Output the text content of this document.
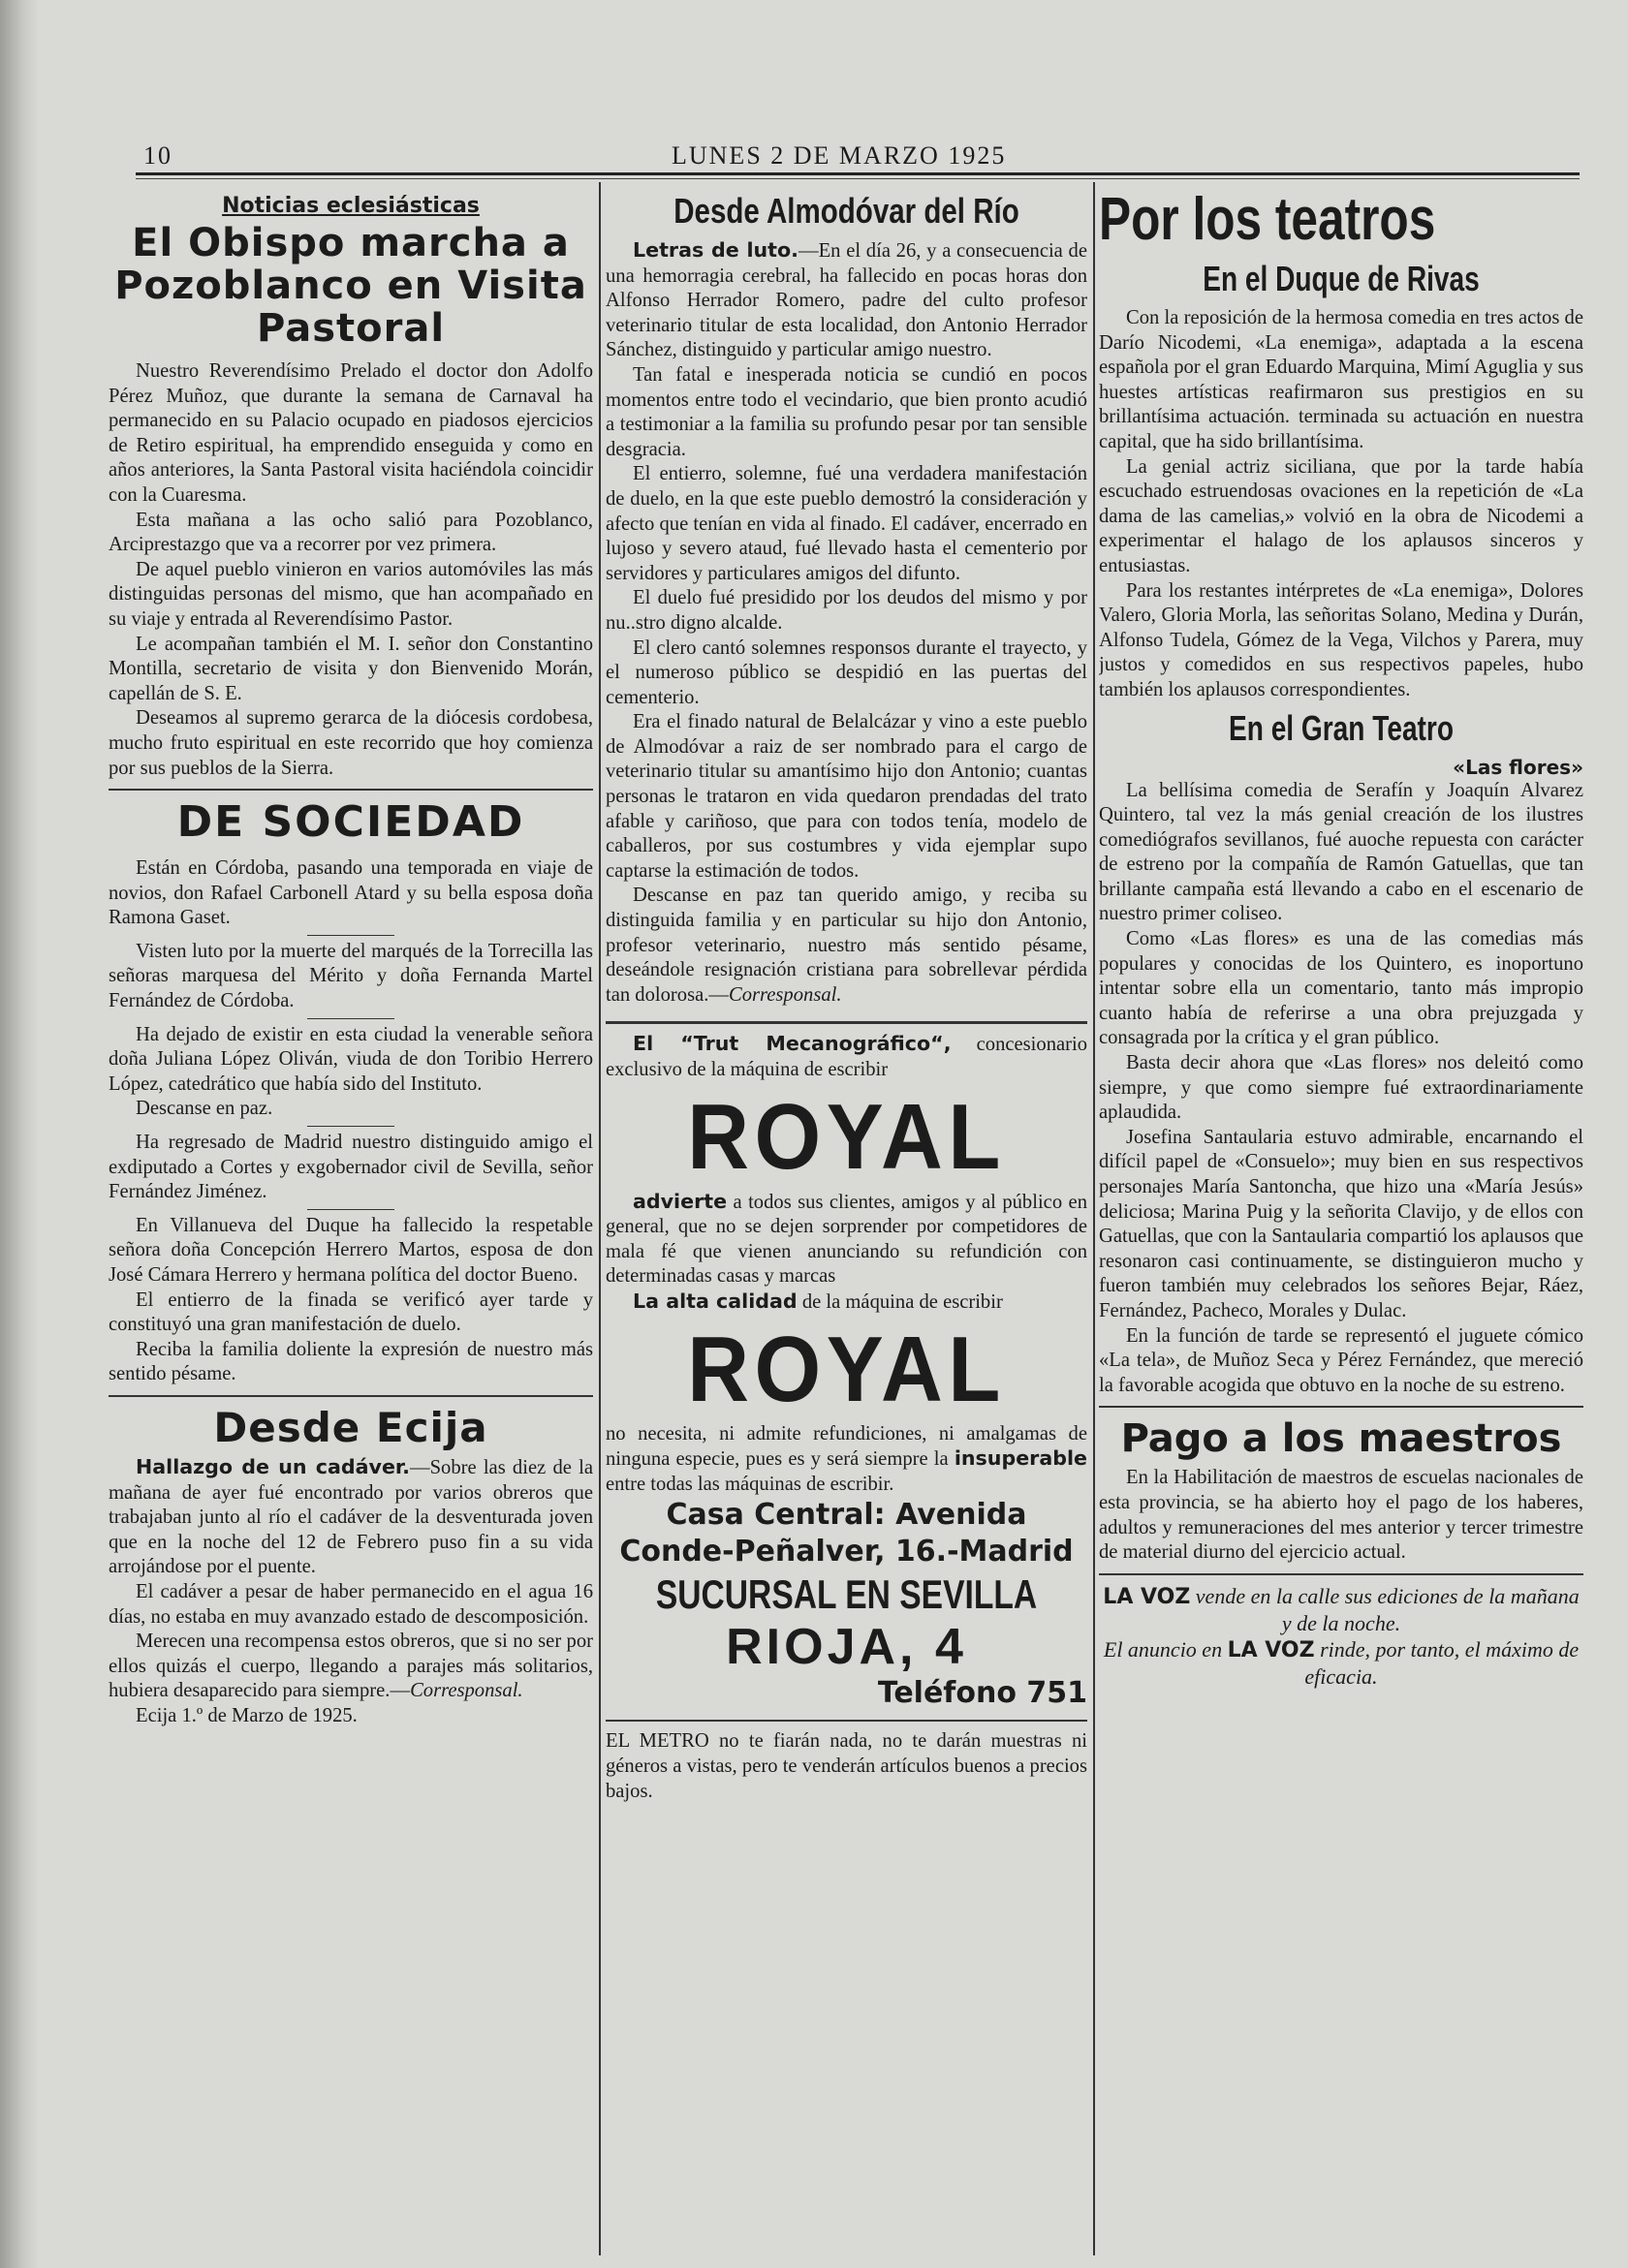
10	LUNES 2 DE MARZO 1925
Noticias eclesiásticas
El Obispo marcha a Pozoblanco en Visita Pastoral

Nuestro Reverendísimo Prelado el doctor don Adolfo Pérez Muñoz, que durante la semana de Carnaval ha permanecido en su Palacio ocupado en piadosos ejercicios de Retiro espiritual, ha emprendido enseguida y como en años anteriores, la Santa Pastoral visita haciéndola coincidir con la Cuaresma.

Esta mañana a las ocho salió para Pozoblanco, Arciprestazgo que va a recorrer por vez primera.

De aquel pueblo vinieron en varios automóviles las más distinguidas personas del mismo, que han acompañado en su viaje y entrada al Reverendísimo Pastor.

Le acompañan también el M. I. señor don Constantino Montilla, secretario de visita y don Bienvenido Morán, capellán de S. E.

Deseamos al supremo gerarca de la diócesis cordobesa, mucho fruto espiritual en este recorrido que hoy comienza por sus pueblos de la Sierra.

DE SOCIEDAD

Están en Córdoba, pasando una temporada en viaje de novios, don Rafael Carbonell Atard y su bella esposa doña Ramona Gaset.

Visten luto por la muerte del marqués de la Torrecilla las señoras marquesa del Mérito y doña Fernanda Martel Fernández de Córdoba.

Ha dejado de existir en esta ciudad la venerable señora doña Juliana López Oliván, viuda de don Toribio Herrero López, catedrático que había sido del Instituto.

Descanse en paz.

Ha regresado de Madrid nuestro distinguido amigo el exdiputado a Cortes y exgobernador civil de Sevilla, señor Fernández Jiménez.

En Villanueva del Duque ha fallecido la respetable señora doña Concepción Herrero Martos, esposa de don José Cámara Herrero y hermana política del doctor Bueno.

El entierro de la finada se verificó ayer tarde y constituyó una gran manifestación de duelo.

Reciba la familia doliente la expresión de nuestro más sentido pésame.

Desde Ecija

Hallazgo de un cadáver.—Sobre las diez de la mañana de ayer fué encontrado por varios obreros que trabajaban junto al río el cadáver de la desventurada joven que en la noche del 12 de Febrero puso fin a su vida arrojándose por el puente.

El cadáver a pesar de haber permanecido en el agua 16 días, no estaba en muy avanzado estado de descomposición.

Merecen una recompensa estos obreros, que si no ser por ellos quizás el cuerpo, llegando a parajes más solitarios, hubiera desaparecido para siempre.—Corresponsal.

Ecija 1.º de Marzo de 1925.

Desde Almodóvar del Río

Letras de luto.—En el día 26, y a consecuencia de una hemorragia cerebral, ha fallecido en pocas horas don Alfonso Herrador Romero, padre del culto profesor veterinario titular de esta localidad, don Antonio Herrador Sánchez, distinguido y particular amigo nuestro.

Tan fatal e inesperada noticia se cundió en pocos momentos entre todo el vecindario, que bien pronto acudió a testimoniar a la familia su profundo pesar por tan sensible desgracia.

El entierro, solemne, fué una verdadera manifestación de duelo, en la que este pueblo demostró la consideración y afecto que tenían en vida al finado. El cadáver, encerrado en lujoso y severo ataud, fué llevado hasta el cementerio por servidores y particulares amigos del difunto.

El duelo fué presidido por los deudos del mismo y por nu..stro digno alcalde.

El clero cantó solemnes responsos durante el trayecto, y el numeroso público se despidió en las puertas del cementerio.

Era el finado natural de Belalcázar y vino a este pueblo de Almodóvar a raiz de ser nombrado para el cargo de veterinario titular su amantísimo hijo don Antonio; cuantas personas le trataron en vida quedaron prendadas del trato afable y cariñoso, que para con todos tenía, modelo de caballeros, por sus costumbres y vida ejemplar supo captarse la estimación de todos.

Descanse en paz tan querido amigo, y reciba su distinguida familia y en particular su hijo don Antonio, profesor veterinario, nuestro más sentido pésame, deseándole resignación cristiana para sobrellevar pérdida tan dolorosa.—Corresponsal.

El “Trut Mecanográfico“, concesionario exclusivo de la máquina de escribir

ROYAL

advierte a todos sus clientes, amigos y al público en general, que no se dejen sorprender por competidores de mala fé que vienen anunciando su refundición con determinadas casas y marcas

La alta calidad de la máquina de escribir

ROYAL

no necesita, ni admite refundiciones, ni amalgamas de ninguna especie, pues es y será siempre la insuperable entre todas las máquinas de escribir.

Casa Central: Avenida Conde-Peñalver, 16.-Madrid
SUCURSAL EN SEVILLA
RIOJA, 4
Teléfono 751

EL METRO no te fiarán nada, no te darán muestras ni géneros a vistas, pero te venderán artículos buenos a precios bajos.

Por los teatros
En el Duque de Rivas

Con la reposición de la hermosa comedia en tres actos de Darío Nicodemi, «La enemiga», adaptada a la escena española por el gran Eduardo Marquina, Mimí Aguglia y sus huestes artísticas reafirmaron sus prestigios en su brillantísima actuación. terminada su actuación en nuestra capital, que ha sido brillantísima.

La genial actriz siciliana, que por la tarde había escuchado estruendosas ovaciones en la repetición de «La dama de las camelias,» volvió en la obra de Nicodemi a experimentar el halago de los aplausos sinceros y entusiastas.

Para los restantes intérpretes de «La enemiga», Dolores Valero, Gloria Morla, las señoritas Solano, Medina y Durán, Alfonso Tudela, Gómez de la Vega, Vilchos y Parera, muy justos y comedidos en sus respectivos papeles, hubo también los aplausos correspondientes.

En el Gran Teatro
«Las flores»

La bellísima comedia de Serafín y Joaquín Alvarez Quintero, tal vez la más genial creación de los ilustres comediógrafos sevillanos, fué auoche repuesta con carácter de estreno por la compañía de Ramón Gatuellas, que tan brillante campaña está llevando a cabo en el escenario de nuestro primer coliseo.

Como «Las flores» es una de las comedias más populares y conocidas de los Quintero, es inoportuno intentar sobre ella un comentario, tanto más impropio cuanto había de referirse a una obra prejuzgada y consagrada por la crítica y el gran público.

Basta decir ahora que «Las flores» nos deleitó como siempre, y que como siempre fué extraordinariamente aplaudida.

Josefina Santaularia estuvo admirable, encarnando el difícil papel de «Consuelo»; muy bien en sus respectivos personajes María Santoncha, que hizo una «María Jesús» deliciosa; Marina Puig y la señorita Clavijo, y de ellos con Gatuellas, que con la Santaularia compartió los aplausos que resonaron casi continuamente, se distinguieron mucho y fueron también muy celebrados los señores Bejar, Ráez, Fernández, Pacheco, Morales y Dulac.

En la función de tarde se representó el juguete cómico «La tela», de Muñoz Seca y Pérez Fernández, que mereció la favorable acogida que obtuvo en la noche de su estreno.

Pago a los maestros

En la Habilitación de maestros de escuelas nacionales de esta provincia, se ha abierto hoy el pago de los haberes, adultos y remuneraciones del mes anterior y tercer trimestre de material diurno del ejercicio actual.

LA VOZ vende en la calle sus ediciones de la mañana y de la noche.
El anuncio en LA VOZ rinde, por tanto, el máximo de eficacia.
